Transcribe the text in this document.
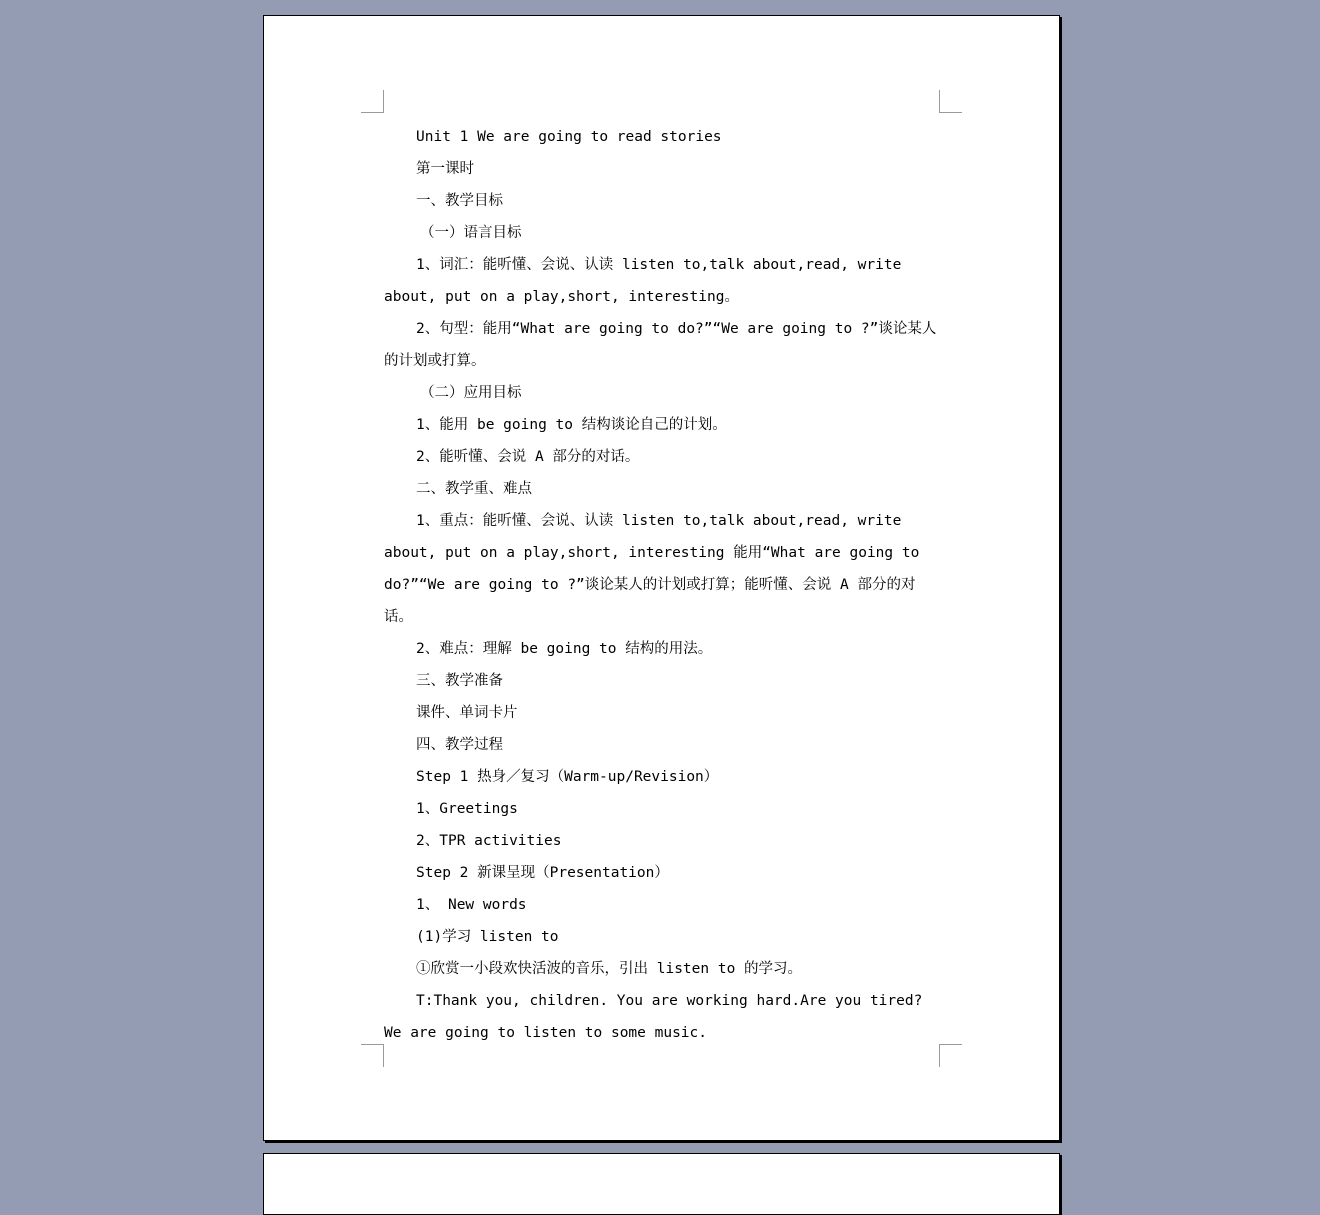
Unit 1 We are going to read stories

第一课时

一、教学目标

（一）语言目标

1、词汇：能听懂、会说、认读 listen to,talk about,read, write about, put on a play,short, interesting。

2、句型：能用“What are going to do?”“We are going to ?”谈论某人的计划或打算。

（二）应用目标

1、能用 be going to 结构谈论自己的计划。

2、能听懂、会说 A 部分的对话。

二、教学重、难点

1、重点：能听懂、会说、认读 listen to,talk about,read, write about, put on a play,short, interesting 能用“What are going to do?”“We are going to ?”谈论某人的计划或打算；能听懂、会说 A 部分的对话。

2、难点：理解 be going to 结构的用法。

三、教学准备

课件、单词卡片

四、教学过程

Step 1 热身／复习（Warm-up/Revision）

1、Greetings

2、TPR activities

Step 2 新课呈现（Presentation）

1、 New words

(1)学习 listen to

①欣赏一小段欢快活波的音乐，引出 listen to 的学习。

T:Thank you, children. You are working hard.Are you tired? We are going to listen to some music.
